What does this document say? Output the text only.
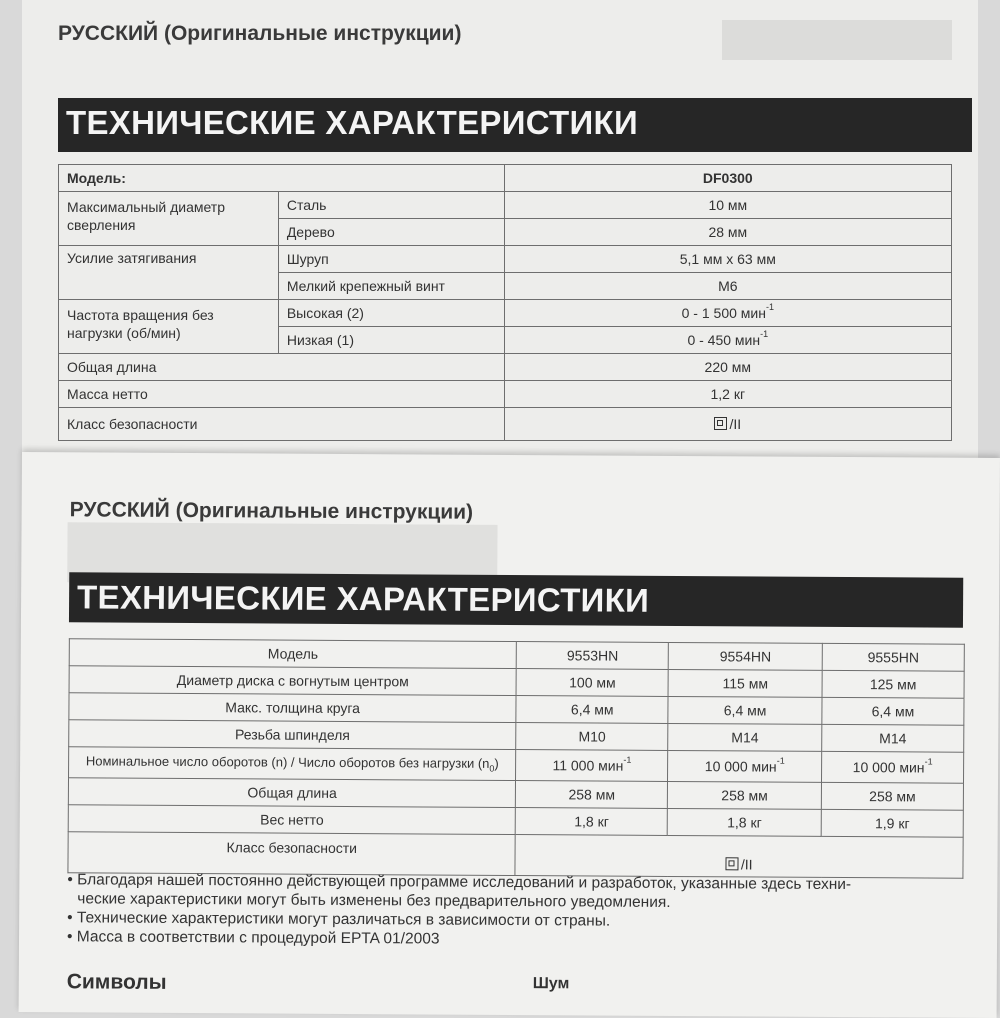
РУССКИЙ (Оригинальные инструкции)
ТЕХНИЧЕСКИЕ ХАРАКТЕРИСТИКИ
Модель:		DF0300
Максимальный диаметр сверления	Сталь	10 мм
	Дерево	28 мм
Усилие затягивания	Шуруп	5,1 мм x 63 мм
	Мелкий крепежный винт	M6
Частота вращения без нагрузки (об/мин)	Высокая (2)	0 - 1 500 мин$^{-1}$
	Низкая (1)	0 - 450 мин$^{-1}$
Общая длина		220 мм
Масса нетто		1,2 кг
Класс безопасности		/II
РУССКИЙ (Оригинальные инструкции)
ТЕХНИЧЕСКИЕ ХАРАКТЕРИСТИКИ
Модель	9553HN	9554HN	9555HN
Диаметр диска с вогнутым центром	100 мм	115 мм	125 мм
Макс. толщина круга	6,4 мм	6,4 мм	6,4 мм
Резьба шпинделя	M10	M14	M14
Номинальное число оборотов (n) / Число оборотов без нагрузки $(n_0)$	11 000 мин$^{-1}$	10 000 мин$^{-1}$	10 000 мин$^{-1}$
Общая длина	258 мм	258 мм	258 мм
Вес нетто	1,8 кг	1,8 кг	1,9 кг
Класс безопасности	/II		
• Благодаря нашей постоянно действующей программе исследований и разработок, указанные здесь техни-
ческие характеристики могут быть изменены без предварительного уведомления.
• Технические характеристики могут различаться в зависимости от страны.
• Масса в соответствии с процедурой EPTA 01/2003
Символы	Шум
